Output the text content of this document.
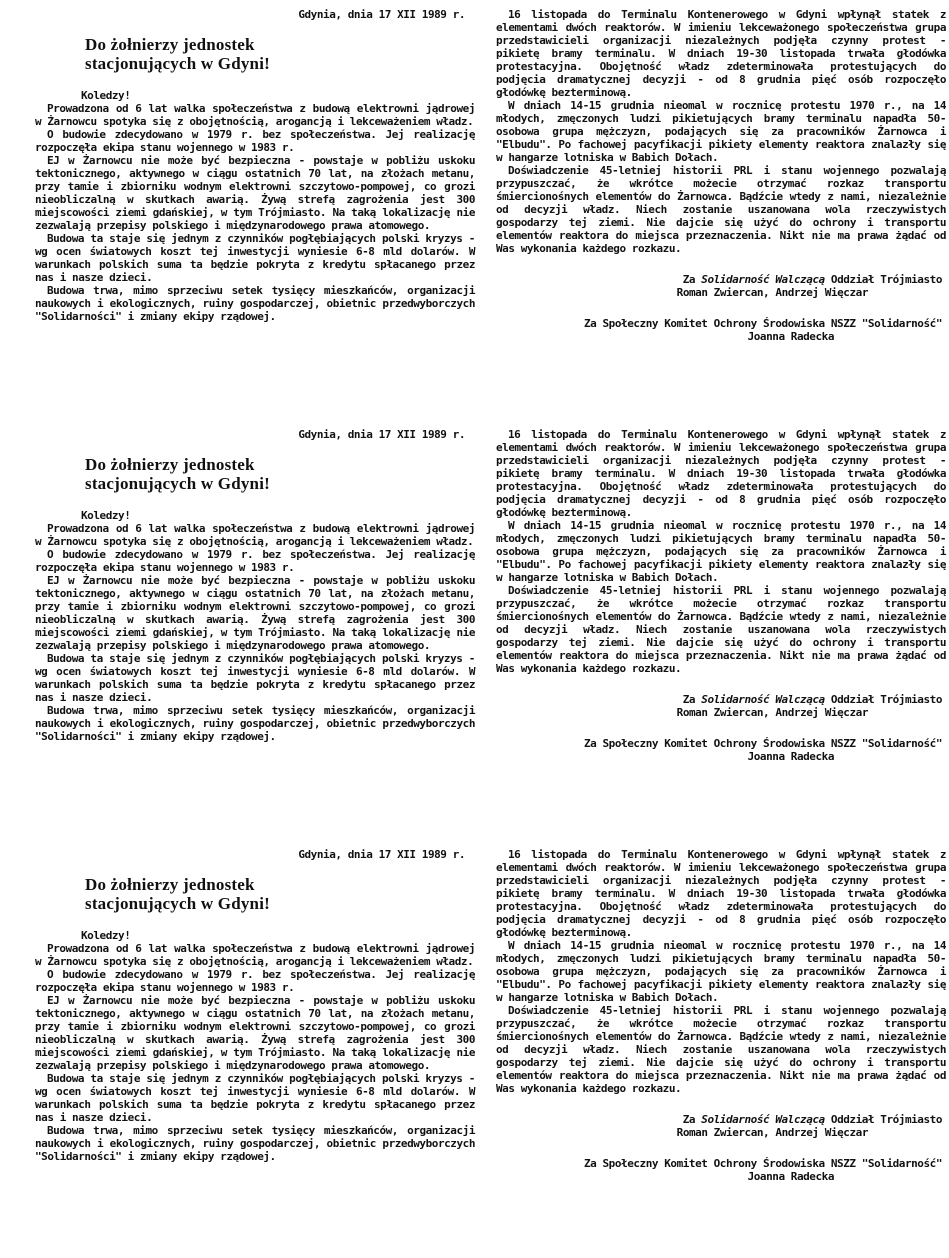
Gdynia, dnia 17 XII 1989 r.
Do żołnierzy jednostek
stacjonujących w Gdyni!
Koledzy!

Prowadzona od 6 lat walka społeczeństwa z budową elektrowni jądrowej w Żarnowcu spotyka się z obojętnością, arogancją i lekceważeniem władz.

O budowie zdecydowano w 1979 r. bez społeczeństwa. Jej realizację rozpoczęła ekipa stanu wojennego w 1983 r.

EJ w Żarnowcu nie może być bezpieczna - powstaje w pobliżu uskoku tektonicznego, aktywnego w ciągu ostatnich 70 lat, na złożach metanu, przy tamie i zbiorniku wodnym elektrowni szczytowo-pompowej, co grozi nieobliczalną w skutkach awarią. Żywą strefą zagrożenia jest 300 miejscowości ziemi gdańskiej, w tym Trójmiasto. Na taką lokalizację nie zezwalają przepisy polskiego i międzynarodowego prawa atomowego.

Budowa ta staje się jednym z czynników pogłębiających polski kryzys - wg ocen światowych koszt tej inwestycji wyniesie 6-8 mld dolarów. W warunkach polskich suma ta będzie pokryta z kredytu spłacanego przez nas i nasze dzieci.

Budowa trwa, mimo sprzeciwu setek tysięcy mieszkańców, organizacji naukowych i ekologicznych, ruiny gospodarczej, obietnic przedwyborczych "Solidarności" i zmiany ekipy rządowej.

16 listopada do Terminalu Kontenerowego w Gdyni wpłynął statek z elementami dwóch reaktorów. W imieniu lekceważonego społeczeństwa grupa przedstawicieli organizacji niezależnych podjęła czynny protest - pikietę bramy terminalu. W dniach 19-30 listopada trwała głodówka protestacyjna. Obojętność władz zdeterminowała protestujących do podjęcia dramatycznej decyzji - od 8 grudnia pięć osób rozpoczęło głodówkę bezterminową.

W dniach 14-15 grudnia nieomal w rocznicę protestu 1970 r., na 14 młodych, zmęczonych ludzi pikietujących bramy terminalu napadła 50-osobowa grupa mężczyzn, podających się za pracowników Żarnowca i "Elbudu". Po fachowej pacyfikacji pikiety elementy reaktora znalazły się w hangarze lotniska w Babich Dołach.

Doświadczenie 45-letniej historii PRL i stanu wojennego pozwalają przypuszczać, że wkrótce możecie otrzymać rozkaz transportu śmiercionośnych elementów do Żarnowca. Bądźcie wtedy z nami, niezależnie od decyzji władz. Niech zostanie uszanowana wola rzeczywistych gospodarzy tej ziemi. Nie dajcie się użyć do ochrony i transportu elementów reaktora do miejsca przeznaczenia. Nikt nie ma prawa żądać od Was wykonania każdego rozkazu.

Za Solidarność Walczącą Oddział Trójmiasto
Roman Zwiercan, Andrzej Więczar
Za Społeczny Komitet Ochrony Środowiska NSZZ "Solidarność"
Joanna Radecka
Gdynia, dnia 17 XII 1989 r.
Do żołnierzy jednostek
stacjonujących w Gdyni!
Koledzy!

Prowadzona od 6 lat walka społeczeństwa z budową elektrowni jądrowej w Żarnowcu spotyka się z obojętnością, arogancją i lekceważeniem władz.

O budowie zdecydowano w 1979 r. bez społeczeństwa. Jej realizację rozpoczęła ekipa stanu wojennego w 1983 r.

EJ w Żarnowcu nie może być bezpieczna - powstaje w pobliżu uskoku tektonicznego, aktywnego w ciągu ostatnich 70 lat, na złożach metanu, przy tamie i zbiorniku wodnym elektrowni szczytowo-pompowej, co grozi nieobliczalną w skutkach awarią. Żywą strefą zagrożenia jest 300 miejscowości ziemi gdańskiej, w tym Trójmiasto. Na taką lokalizację nie zezwalają przepisy polskiego i międzynarodowego prawa atomowego.

Budowa ta staje się jednym z czynników pogłębiających polski kryzys - wg ocen światowych koszt tej inwestycji wyniesie 6-8 mld dolarów. W warunkach polskich suma ta będzie pokryta z kredytu spłacanego przez nas i nasze dzieci.

Budowa trwa, mimo sprzeciwu setek tysięcy mieszkańców, organizacji naukowych i ekologicznych, ruiny gospodarczej, obietnic przedwyborczych "Solidarności" i zmiany ekipy rządowej.

16 listopada do Terminalu Kontenerowego w Gdyni wpłynął statek z elementami dwóch reaktorów. W imieniu lekceważonego społeczeństwa grupa przedstawicieli organizacji niezależnych podjęła czynny protest - pikietę bramy terminalu. W dniach 19-30 listopada trwała głodówka protestacyjna. Obojętność władz zdeterminowała protestujących do podjęcia dramatycznej decyzji - od 8 grudnia pięć osób rozpoczęło głodówkę bezterminową.

W dniach 14-15 grudnia nieomal w rocznicę protestu 1970 r., na 14 młodych, zmęczonych ludzi pikietujących bramy terminalu napadła 50-osobowa grupa mężczyzn, podających się za pracowników Żarnowca i "Elbudu". Po fachowej pacyfikacji pikiety elementy reaktora znalazły się w hangarze lotniska w Babich Dołach.

Doświadczenie 45-letniej historii PRL i stanu wojennego pozwalają przypuszczać, że wkrótce możecie otrzymać rozkaz transportu śmiercionośnych elementów do Żarnowca. Bądźcie wtedy z nami, niezależnie od decyzji władz. Niech zostanie uszanowana wola rzeczywistych gospodarzy tej ziemi. Nie dajcie się użyć do ochrony i transportu elementów reaktora do miejsca przeznaczenia. Nikt nie ma prawa żądać od Was wykonania każdego rozkazu.

Za Solidarność Walczącą Oddział Trójmiasto
Roman Zwiercan, Andrzej Więczar
Za Społeczny Komitet Ochrony Środowiska NSZZ "Solidarność"
Joanna Radecka
Gdynia, dnia 17 XII 1989 r.
Do żołnierzy jednostek
stacjonujących w Gdyni!
Koledzy!

Prowadzona od 6 lat walka społeczeństwa z budową elektrowni jądrowej w Żarnowcu spotyka się z obojętnością, arogancją i lekceważeniem władz.

O budowie zdecydowano w 1979 r. bez społeczeństwa. Jej realizację rozpoczęła ekipa stanu wojennego w 1983 r.

EJ w Żarnowcu nie może być bezpieczna - powstaje w pobliżu uskoku tektonicznego, aktywnego w ciągu ostatnich 70 lat, na złożach metanu, przy tamie i zbiorniku wodnym elektrowni szczytowo-pompowej, co grozi nieobliczalną w skutkach awarią. Żywą strefą zagrożenia jest 300 miejscowości ziemi gdańskiej, w tym Trójmiasto. Na taką lokalizację nie zezwalają przepisy polskiego i międzynarodowego prawa atomowego.

Budowa ta staje się jednym z czynników pogłębiających polski kryzys - wg ocen światowych koszt tej inwestycji wyniesie 6-8 mld dolarów. W warunkach polskich suma ta będzie pokryta z kredytu spłacanego przez nas i nasze dzieci.

Budowa trwa, mimo sprzeciwu setek tysięcy mieszkańców, organizacji naukowych i ekologicznych, ruiny gospodarczej, obietnic przedwyborczych "Solidarności" i zmiany ekipy rządowej.

16 listopada do Terminalu Kontenerowego w Gdyni wpłynął statek z elementami dwóch reaktorów. W imieniu lekceważonego społeczeństwa grupa przedstawicieli organizacji niezależnych podjęła czynny protest - pikietę bramy terminalu. W dniach 19-30 listopada trwała głodówka protestacyjna. Obojętność władz zdeterminowała protestujących do podjęcia dramatycznej decyzji - od 8 grudnia pięć osób rozpoczęło głodówkę bezterminową.

W dniach 14-15 grudnia nieomal w rocznicę protestu 1970 r., na 14 młodych, zmęczonych ludzi pikietujących bramy terminalu napadła 50-osobowa grupa mężczyzn, podających się za pracowników Żarnowca i "Elbudu". Po fachowej pacyfikacji pikiety elementy reaktora znalazły się w hangarze lotniska w Babich Dołach.

Doświadczenie 45-letniej historii PRL i stanu wojennego pozwalają przypuszczać, że wkrótce możecie otrzymać rozkaz transportu śmiercionośnych elementów do Żarnowca. Bądźcie wtedy z nami, niezależnie od decyzji władz. Niech zostanie uszanowana wola rzeczywistych gospodarzy tej ziemi. Nie dajcie się użyć do ochrony i transportu elementów reaktora do miejsca przeznaczenia. Nikt nie ma prawa żądać od Was wykonania każdego rozkazu.

Za Solidarność Walczącą Oddział Trójmiasto
Roman Zwiercan, Andrzej Więczar
Za Społeczny Komitet Ochrony Środowiska NSZZ "Solidarność"
Joanna Radecka
